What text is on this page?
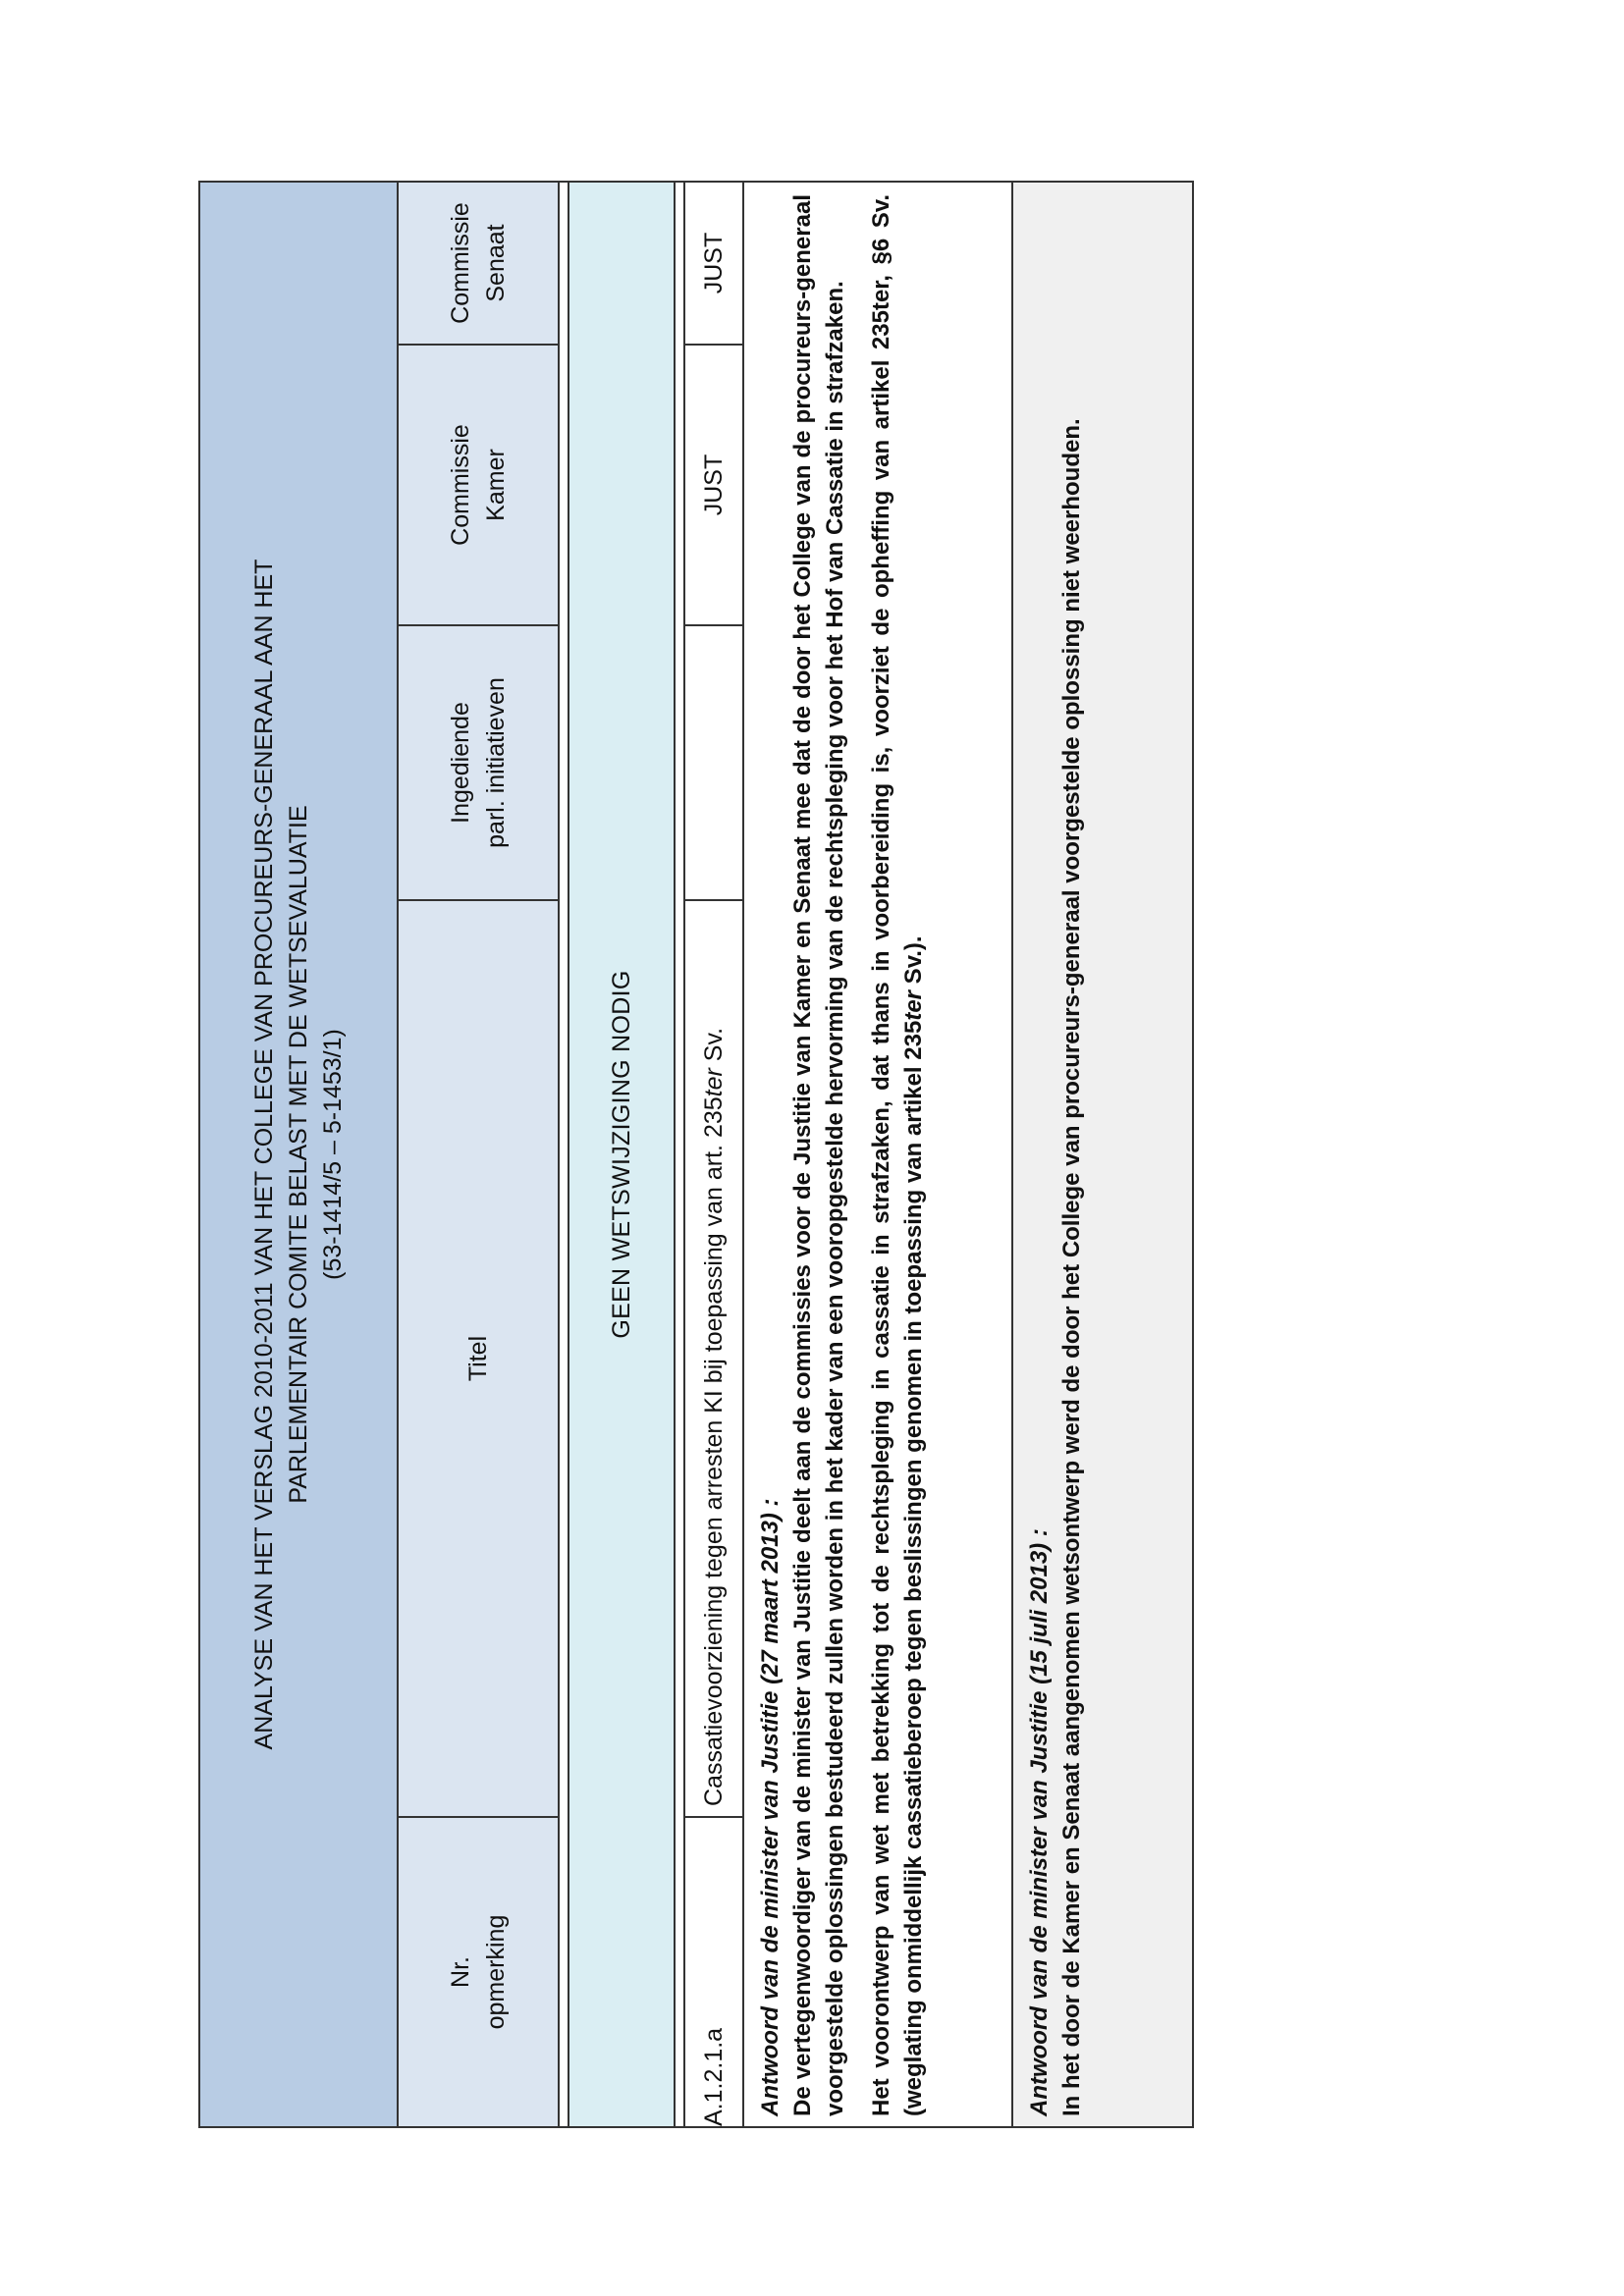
ANALYSE VAN HET VERSLAG 2010-2011 VAN HET COLLEGE VAN PROCUREURS-GENERAAL AAN HET PARLEMENTAIR COMITE BELAST MET DE WETSEVALUATIE (53-1414/5 – 5-1453/1)				

Nr. opmerking	Titel	Ingediende parl. initiatieven	Commissie Kamer	Commissie Senaat

GEEN WETSWIJZIGING NODIG				

A.1.2.1.a	Cassatievoorziening tegen arresten KI bij toepassing van art. 235ter Sv.		JUST	JUST

Antwoord van de minister van Justitie (27 maart 2013) : De vertegenwoordiger van de minister van Justitie deelt aan de commissies voor de Justitie van Kamer en Senaat mee dat de door het College van de procureurs-generaal voorgestelde oplossingen bestudeerd zullen worden in het kader van een vooropgestelde hervorming van de rechtspleging voor het Hof van Cassatie in strafzaken. Het voorontwerp van wet met betrekking tot de rechtspleging in cassatie in strafzaken, dat thans in voorbereiding is, voorziet de opheffing van artikel 235ter, §6 Sv. (weglating onmiddellijk cassatieberoep tegen beslissingen genomen in toepassing van artikel 235ter Sv.).				

Antwoord van de minister van Justitie (15 juli 2013) : In het door de Kamer en Senaat aangenomen wetsontwerp werd de door het College van procureurs-generaal voorgestelde oplossing niet weerhouden.				
